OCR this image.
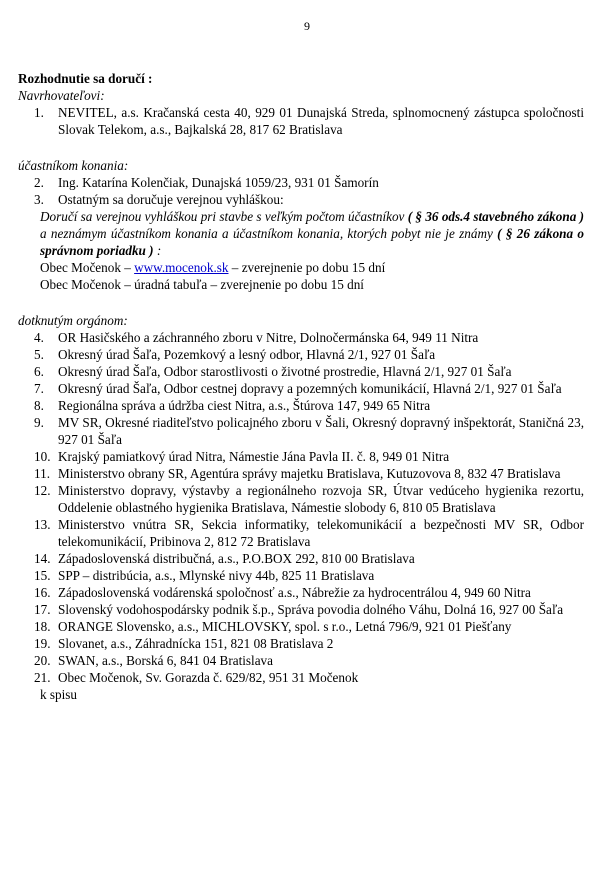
9
Rozhodnutie sa doručí :
Navrhovateľovi:
1. NEVITEL, a.s. Kračanská cesta 40, 929 01 Dunajská Streda, splnomocnený zástupca spoločnosti Slovak Telekom, a.s., Bajkalská 28, 817 62 Bratislava
účastníkom konania:
2. Ing. Katarína Kolenčiak, Dunajská 1059/23, 931 01 Šamorín
3. Ostatným sa doručuje verejnou vyhláškou:
Doručí sa verejnou vyhláškou pri stavbe s veľkým počtom účastníkov ( § 36 ods.4 stavebného zákona ) a neznámym účastníkom konania a účastníkom konania, ktorých pobyt nie je známy ( § 26 zákona o správnom poriadku ) :
Obec Močenok – www.mocenok.sk – zverejnenie po dobu 15 dní
Obec Močenok – úradná tabuľa – zverejnenie po dobu 15 dní
dotknutým orgánom:
4. OR Hasičského a záchranného zboru v Nitre, Dolnočermánska 64, 949 11 Nitra
5. Okresný úrad Šaľa, Pozemkový a lesný odbor, Hlavná 2/1, 927 01 Šaľa
6. Okresný úrad Šaľa, Odbor starostlivosti o životné prostredie, Hlavná 2/1, 927 01 Šaľa
7. Okresný úrad Šaľa, Odbor cestnej dopravy a pozemných komunikácií, Hlavná 2/1, 927 01 Šaľa
8. Regionálna správa a údržba ciest Nitra, a.s., Štúrova 147, 949 65 Nitra
9. MV SR, Okresné riaditeľstvo policajného zboru v Šali, Okresný dopravný inšpektorát, Staničná 23, 927 01 Šaľa
10. Krajský pamiatkový úrad Nitra, Námestie Jána Pavla II. č. 8, 949 01 Nitra
11. Ministerstvo obrany SR, Agentúra správy majetku Bratislava, Kutuzovova 8, 832 47 Bratislava
12. Ministerstvo dopravy, výstavby a regionálneho rozvoja SR, Útvar vedúceho hygienika rezortu, Oddelenie oblastného hygienika Bratislava, Námestie slobody 6, 810 05 Bratislava
13. Ministerstvo vnútra SR, Sekcia informatiky, telekomunikácií a bezpečnosti MV SR, Odbor telekomunikácií, Pribinova 2, 812 72 Bratislava
14. Západoslovenská distribučná, a.s., P.O.BOX 292, 810 00 Bratislava
15. SPP – distribúcia, a.s., Mlynské nivy 44b, 825 11 Bratislava
16. Západoslovenská vodárenská spoločnosť a.s., Nábrežie za hydrocentrálou 4, 949 60 Nitra
17. Slovenský vodohospodársky podnik š.p., Správa povodia dolného Váhu, Dolná 16, 927 00 Šaľa
18. ORANGE Slovensko, a.s., MICHLOVSKY, spol. s r.o., Letná 796/9, 921 01 Piešťany
19. Slovanet, a.s., Záhradnícka 151, 821 08 Bratislava 2
20. SWAN, a.s., Borská 6, 841 04 Bratislava
21. Obec Močenok, Sv. Gorazda č. 629/82, 951 31 Močenok
k spisu
